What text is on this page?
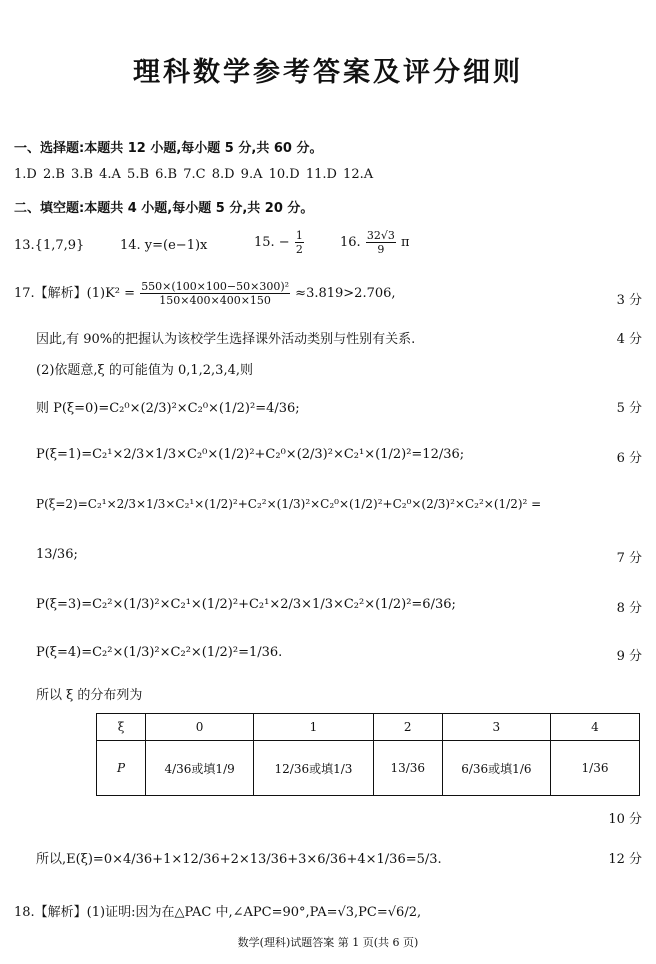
理科数学参考答案及评分细则
一、选择题:本题共 12 小题,每小题 5 分,共 60 分。
1.D 2.B 3.B 4.A 5.B 6.B 7.C 8.D 9.A 10.D 11.D 12.A
二、填空题:本题共 4 小题,每小题 5 分,共 20 分。
13.{1,7,9}	14. y=(e−1)x	15. − $\frac{1}{2}$	16. $\frac{32√3}{9}$ π
17.【解析】$(1)K^2 = \frac{\text{550×(100×100−50×300)²}}{150\times 400\times 400\times 150} \approx 3.819>2.706$,	3 分
因此,有 90%的把握认为该校学生选择课外活动类别与性别有关系.	4 分
(2)依题意,ξ 的可能值为 0,1,2,3,4,则
则 P(ξ=0)=C₂⁰×(2/3)²×C₂⁰×(1/2)²=4/36;	5 分
P(ξ=1)=C₂¹×2/3×1/3×C₂⁰×(1/2)²+C₂⁰×(2/3)²×C₂¹×(1/2)²=12/36;	6 分
P(ξ=2)=C₂¹×2/3×1/3×C₂¹×(1/2)²+C₂²×(1/3)²×C₂⁰×(1/2)²+C₂⁰×(2/3)²×C₂²×(1/2)² =
13/36;	7 分
P(ξ=3)=C₂²×(1/3)²×C₂¹×(1/2)²+C₂¹×2/3×1/3×C₂²×(1/2)²=6/36;	8 分
P(ξ=4)=C₂²×(1/3)²×C₂²×(1/2)²=1/36.	9 分
所以 ξ 的分布列为
ξ	0	1	2	3	4
P	4/36或填1/9	12/36或填1/3	13/36	6/36或填1/6	1/36
10 分
所以,E(ξ)=0×4/36+1×12/36+2×13/36+3×6/36+4×1/36=5/3.	12 分
18.【解析】(1)证明:因为在△PAC 中,∠APC=90°,PA=√3,PC=√6/2,
数学(理科)试题答案 第 1 页(共 6 页)
